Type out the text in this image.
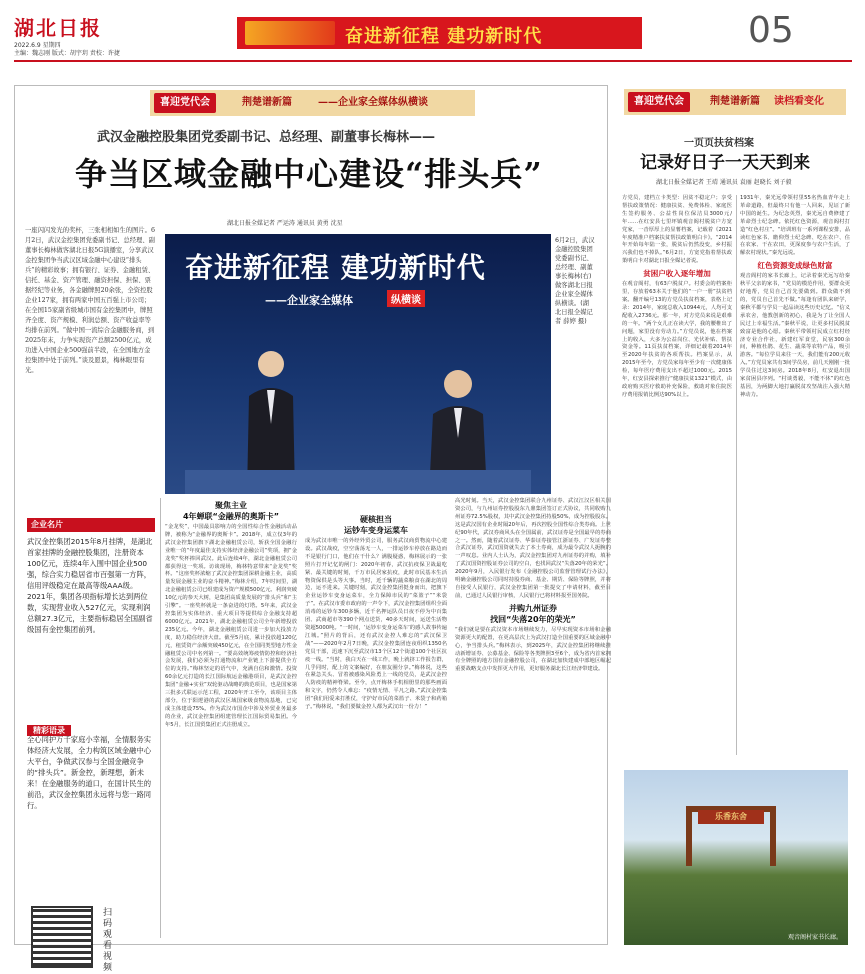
湖北日报
2022.6.9 星期四
主编：魏志刚 版式：胡宇玥 责校：许捷
奋进新征程 建功新时代	05
喜迎党代会	荆楚谱新篇	——企业家全媒体纵横谈
武汉金融控股集团党委副书记、总经理、副董事长梅林——
争当区域金融中心建设“排头兵”
湖北日报全媒记者 严运涛 通讯员 黄勇 沈星
一座闪闪发光的奖杯，三张相相如生的图片。6月2日，武汉金控集团党委副书记、总经理、副董事长梅林做客湖北日报5G演播室，分享武汉金控集团争当武汉区域金融中心建设“排头兵”的精彩故事；拥有银行、证券、金融租赁、信托、基金、资产管理、融资担保、担保、票据经纪等业务，各金融牌照20余张，全资控股企业127家，拥有两家中国五百强上市公司；在全国15家副省级城市国有金控集团中，牌照齐全度、资产规模、利润总额、资产收益率等均排在前列。“做中国一流综合金融服务商，到2025年末，力争实现资产总额2500亿元，成功进入中国企业500强前半段，在全国地方金控集团中处于前列。”谈及愿景，梅林眼里有光。
奋进新征程 建功新时代
——企业家全媒体	纵横谈
6月2日，武汉金融控股集团党委副书记、总经理、副董事长梅林(右)做客湖北日报企业家全媒体纵横谈。(湖北日报全媒记者 薛婷 摄)
企业名片
武汉金控集团2015年8月挂牌，是湖北首家挂牌的金融控股集团，注册资本100亿元，连续4年入围中国企业500强，综合实力稳居省市百强第一方阵，信用评级稳定在最高等级AAA级。2021年，集团各项指标增长达到两位数，实现营业收入527亿元，实现利润总额27.3亿元，主要指标稳居全国副省级国有金控集团前列。
精彩语录
全心同护万千家庭小幸福，全情服务实体经济大发展，全力构筑区域金融中心大平台，争做武汉参与全国金融竞争的“排头兵”。新金控，新理想，新未来！在金融服务的道口，在国计民生的前沿，武汉金控集团永远将与您一路同行。
扫码观看视频
聚焦主业
4年蝉联“金融界的奥斯卡”
“金龙奖”，中国最具影响力的全国性综合性金融活动品牌，被称为“金融界的奥斯卡”。2018年，成立仅3年的武汉金控集团旗下湖北金融租赁公司，斩获全国金融行业唯一的“年度最佳支持实体经济金融公司”奖项，拥“金龙奖”奖杯捧回武汉。此后连续4年，湖北金融租赁公司都获得这一奖项。访谈现场，梅林特意带来“金龙奖”奖杯。“这座奖杯浓缩了武汉金控集团深耕金融主业，高质量发展金融主业的奋斗精神。”梅林介绍，7年时间里，湖北金融租赁公司已组建成为资产规模500亿元、利润突破10亿元的参天大树，是集团高质量发展的“排头兵”和“主引擎”。一座奖杯就是一条奋进的灯塔。5年来，武汉金控集团为实体经济、重大项目等提供综合金融支持超6000亿元。2021年，湖北金融租赁公司全年新增投放235亿元。今年，湖北金融租赁公司进一步加大投放力度，助力稳住经济大盘。截至5月底，累计投放超120亿元，租赁资产余额突破450亿元，在全国同类型地方性金融租赁公司中名列第一。“要高效统筹疫情防控和经济社会发展，我们必须为打通物流和产业链上下游提供全方位的支持。”梅林坚定的语气中，充满自信和激情。投资60余亿元打造的长江国际航运金融港项目，是武汉金控集团“金融+实业”双轮驱动战略的典范项目，也是国家第三批多式联运示范工程，2020年开工至今，该项目主体部分，位于阳逻港的武汉区域国家级食物流基地，已完成主体建设75%。作为武汉市国企中涉及外贸业务最多的企业，武汉金控集团组建管理长江国际贸易集团。今年5月，长江国贸集团正式注册成立。
硬核担当
运钞车变身运菜车
成为武汉市唯一的外经外贸公司，服务武汉商贸物流中心建设。武汉战疫，空空荡荡无一人，一排运钞车停放在路边而不是银行门口，他们在干什么？满腹疑惑，梅林展示的一张照片打开记忆的闸门：2020年初春，武汉抗疫保卫战最吃紧、最关键的时刻，千万市民居家抗疫，此时市民基本生活物资保供是头等大事。当时，近千辆的蔬菜粮食在湖北的周边，运不进来。关键时刻，武汉金控集团挺身而出，把旗下企业运钞车变身运菜车，全力保障市民的“菜篮子”“米袋子”。在武汉市委市政府的一声令下，武汉金控集团组织全面消毒的运钞车300多辆，近千名押运队员日夜不停为中百集团、武商超市等390个网点送货，40多天时间，运送生活物资超5000吨。“一时间，‘运钞车变身运菜车’的感人故事传遍江城。”照片的背后，还有武汉金控人难忘的“武汉保卫战”——2020年2月7日晚，武汉金控集团连夜组织1350名党员干部，迅速下沉至武汉市13个区12个街道100个社区抗疫一线。“当时，我白天在一线工作，晚上就挤工作报告群，几乎同时，配上的文案编好，在朋友圈分享。”梅林说，这些在紧急关头、冒着被感染风险勇上一线的党员，是武汉金控人防疫的精神脊梁。至今，点开梅林手机相册里的那些画面和文字，仍然令人难忘：“疫情无情、平凡之路。”武汉金控集团“我们用爱来打胜仗，守护好市民的菜篮子、米袋子和药箱子。”梅林说，“我们要做金控人都为武汉出一份力！”
高光时刻。当天，武汉金控集团联合九州证券、武汉江汉区相关国资公司，与九州证券控股股东九鼎集团签订正式协议，共同收购九州证券72.5%股权，其中武汉金控集团持股50%，成为控股股东。这是武汉国有企业时隔20年后，再次控股全国性综合类券商。上世纪90年代，武汉券商风头在全国属前，武汉证券是全国最早的券商之一。然而，随着武汉证券、华泰证券接管江浙证券、广发证券整合武汉证券，武汉国资就失去了本土券商，成为最令武汉人扼腕的一声叹息。业内人士认为，武汉金控集团对九州证券的并购，填补了武汉国资控股证券公司的空白，也找回武汉“失落20年的荣光”。2020年9月，入民银行发布《金融控股公司监督管理试行办法》，明确金融控股公司同时持股券商、基金、期货、保险等牌照，并将自接受人民银行，武汉金控集团第一批提交了申请材料，截至目前，已通过人民银行审核，人民银行已将材料报至国务院。
并购九州证券
找回“失落20年的荣光”
“我们就是要在武汉资本市场继续发力，尽早实现资本市场和金融资源更大的配置，在更高层次上为武汉打造全国重要的区域金融中心，争当排头兵。”梅林表示，到2025年，武汉金控集团将继续推动新增证券、公募基金、保险等各类牌照3至6个，成为省内首家拥有全牌照的地方国有金融控股公司，在湖北加快建成中部地区崛起重要战略支点中发挥更大作用，更好服务湖北长江经济带建设。
喜迎党代会	荆楚谱新篇 读档看变化
一页页扶贫档案
记录好日子一天天到来
湖北日报全媒记者 王靖 通讯员 袁丽 赵晓长 刘子毅
方党员，建档立卡类型：因贫不稳定户；享受帮扶政策情况：健康扶贫、免费体检、家庭医生签约服务、公益性岗位保洁员3000元/年……在红安县七里坪镇观音阁村脱贫户方宽党家，一沓厚厚上的显薯档案，记载着《2021年度精准户档案扶贫帮扶政策明白卡》。“2014年开始每年陆一张，脱贫后仍然没变，乡村振兴我们也不掉队。”6月2日，方宽党指着帮扶政策明白卡对湖北日报全媒记者说。
贫困户收入逐年增加
在观音阁村，有63户脱贫户。村委会的档案柜里，存放着63本关于他们的“一户一册”扶贫档案。翻开编号13的方党员扶贫档案，表格上记录：2014年，家庭总收入10944元，人均可支配收入2736元。那一年，对方党员来说是艰难的一年。“两个女儿正在读大学，我的腰椎出了问题，家里没有劳动力。”方党员说，他在档案上的收入，大多为公益岗位、光伏补贴、帮扶资金等。11页扶贫档案，详细记载着2014年至2020年扶贫的各项帮扶。档案显示，从2015年至今，方党员家每年至少有一次健康体检，每年医疗费用支出不超过1000元。2015年，红安县探索推行“健康扶贫1321”模式，由政府购买医疗救助补充保险，救助对象住院医疗费用报销比例达90%以上。
1931年，秦光远带领村里55名热血青年走上革命道路，但最终只有他一人回来，见证了新中国的诞生。为纪念英烈，秦光远自费修建了革命烈士纪念碑。依托红色资源，观音阁村打造“红色村庄”。“培训班有一系列课程安排，品读红色家书、瞻仰烈士纪念碑、吃在农户、住在农家、干在农田，更深度参与农户生活，了解农村现状。”秦光远说。
红色资源变成绿色财富
观音阁村的家书长廊上，记录着秦光远写给秦秋平父亲的家书，“党员的模范作用，要群众更好地帮，党员自己首先要做到。群众做不到的，党员自己首先不做。”每逢有团队来研学，秦秋平都与学员一起品读这些历史记忆。“信义承农舍，他教创新的初心，我是为了让全国人民过上幸福生活。”秦秋平说，让更多村民脱贫致富是他的心愿。秦秋平带领村民成立红村经济专业合作社，新建红军食堂，民宿300余间，种植杜鹃、花生、蔬菜等农特产品，吸引游客。“每位学员来往一天，我们能有200元收入。”方党员家共有3间学员房，前几天刚刚一批学员住过这3间房。2018年8月，红安退出国家贫困县序列。“村谈勇毅，不能不休”的红色基因，为两脚大地打赢脱贫攻坚战注入强大精神动力。
乐香东舍
观音阁村家书长廊。
